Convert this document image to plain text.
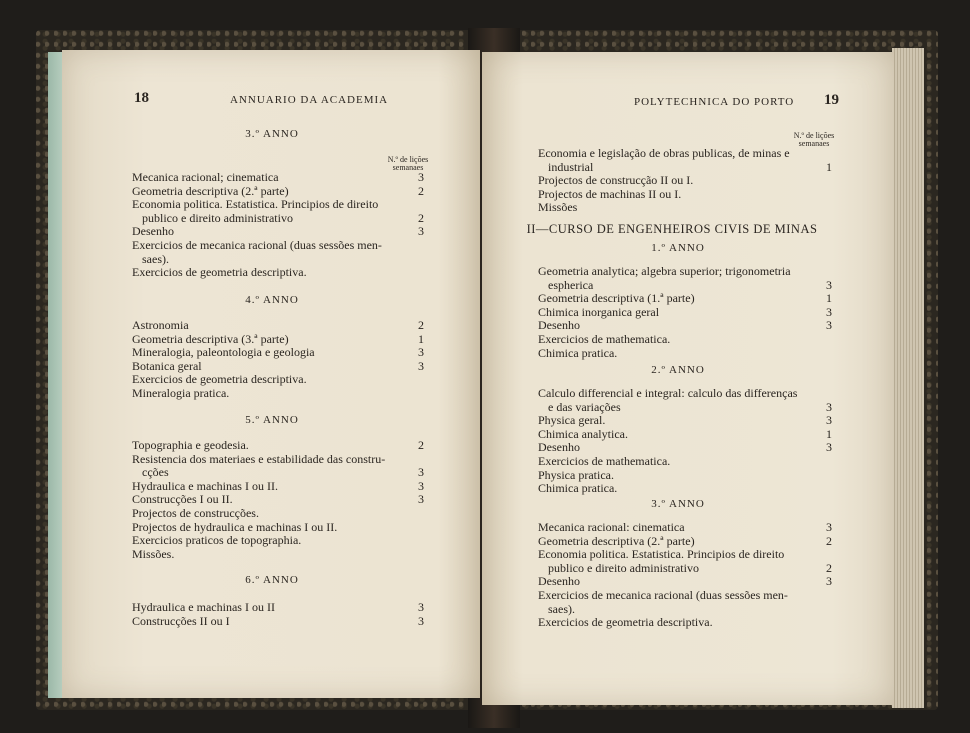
18	ANNUARIO DA ACADEMIA
N.º de lições
semanaes
3.º ANNO
Mecanica racional; cinematica	3
Geometria descriptiva (2.ª parte)	2
Economia politica. Estatistica. Principios de direito
publico e direito administrativo	2
Desenho	3
Exercicios de mecanica racional (duas sessões men-
saes).
Exercicios de geometria descriptiva.
4.º ANNO
Astronomia	2
Geometria descriptiva (3.ª parte)	1
Mineralogia, paleontologia e geologia	3
Botanica geral	3
Exercicios de geometria descriptiva.
Mineralogia pratica.
5.º ANNO
Topographia e geodesia.	2
Resistencia dos materiaes e estabilidade das constru-
cções	3
Hydraulica e machinas I ou II.	3
Construcções I ou II.	3
Projectos de construcções.
Projectos de hydraulica e machinas I ou II.
Exercicios praticos de topographia.
Missões.
6.º ANNO
Hydraulica e machinas I ou II	3
Construcções II ou I	3
19
POLYTECHNICA DO PORTO
N.º de lições
semanaes
II—CURSO DE ENGENHEIROS CIVIS DE MINAS
Economia e legislação de obras publicas, de minas e
industrial	1
Projectos de construcção II ou I.
Projectos de machinas II ou I.
Missões
1.º ANNO
Geometria analytica; algebra superior; trigonometria
espherica	3
Geometria descriptiva (1.ª parte)	1
Chimica inorganica geral	3
Desenho	3
Exercicios de mathematica.
Chimica pratica.
2.º ANNO
Calculo differencial e integral: calculo das differenças
e das variações	3
Physica geral.	3
Chimica analytica.	1
Desenho	3
Exercicios de mathematica.
Physica pratica.
Chimica pratica.
3.º ANNO
Mecanica racional: cinematica	3
Geometria descriptiva (2.ª parte)	2
Economia politica. Estatistica. Principios de direito
publico e direito administrativo	2
Desenho	3
Exercicios de mecanica racional (duas sessões men-
saes).
Exercicios de geometria descriptiva.
